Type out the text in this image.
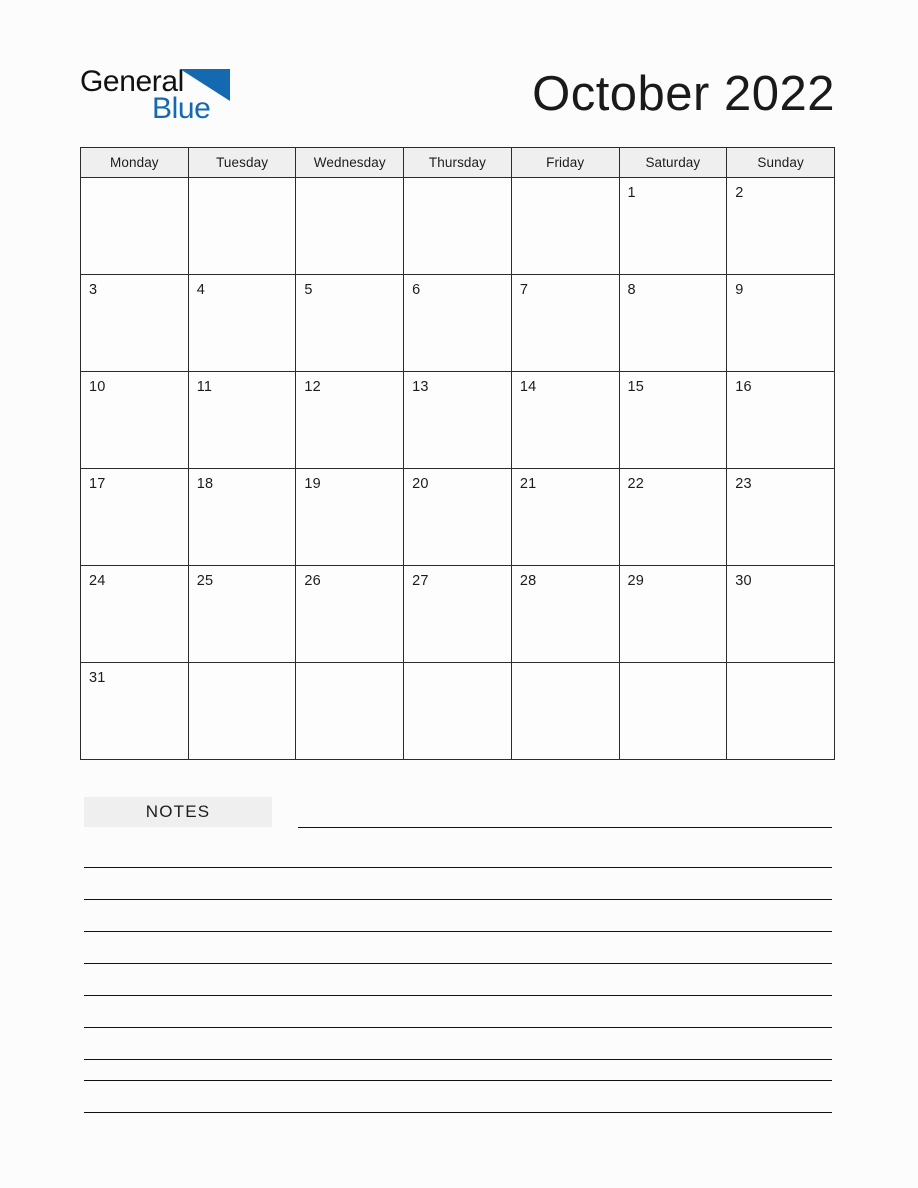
General
Blue	October 2022
Monday	Tuesday	Wednesday	Thursday	Friday	Saturday	Sunday
					1	2
3	4	5	6	7	8	9
10	11	12	13	14	15	16
17	18	19	20	21	22	23
24	25	26	27	28	29	30
31						
NOTES
